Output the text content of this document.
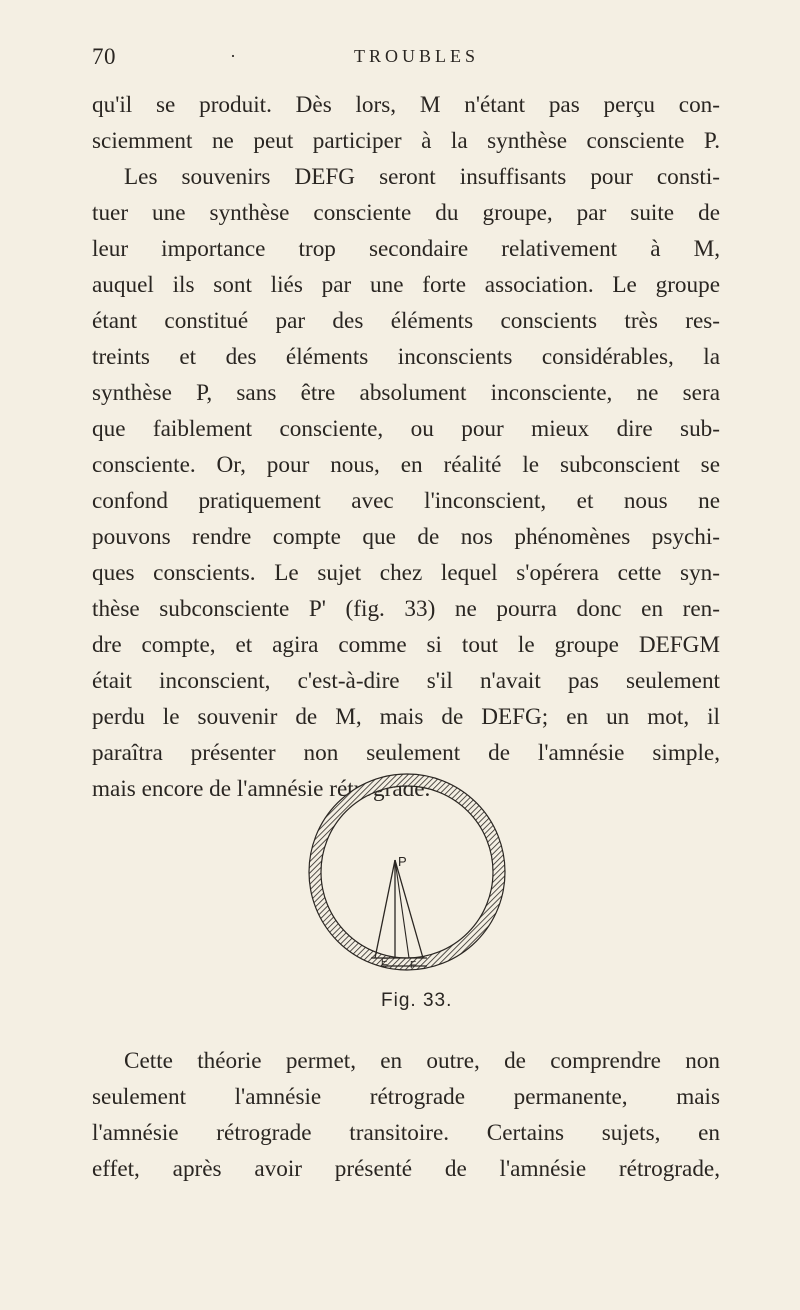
70	·	TROUBLES
qu'il se produit. Dès lors, M n'étant pas perçu con-
sciemment ne peut participer à la synthèse consciente P.
Les souvenirs DEFG seront insuffisants pour consti-
tuer une synthèse consciente du groupe, par suite de
leur importance trop secondaire relativement à M,
auquel ils sont liés par une forte association. Le groupe
étant constitué par des éléments conscients très res-
treints et des éléments inconscients considérables, la
synthèse P, sans être absolument inconsciente, ne sera
que faiblement consciente, ou pour mieux dire sub-
consciente. Or, pour nous, en réalité le subconscient se
confond pratiquement avec l'inconscient, et nous ne
pouvons rendre compte que de nos phénomènes psychi-
ques conscients. Le sujet chez lequel s'opérera cette syn-
thèse subconsciente P' (fig. 33) ne pourra donc en ren-
dre compte, et agira comme si tout le groupe DEFGM
était inconscient, c'est-à-dire s'il n'avait pas seulement
perdu le souvenir de M, mais de DEFG; en un mot, il
paraîtra présenter non seulement de l'amnésie simple,
mais encore de l'amnésie rétrograde.
P
E F
Fig. 33.
Cette théorie permet, en outre, de comprendre non
seulement l'amnésie rétrograde permanente, mais
l'amnésie rétrograde transitoire. Certains sujets, en
effet, après avoir présenté de l'amnésie rétrograde,
